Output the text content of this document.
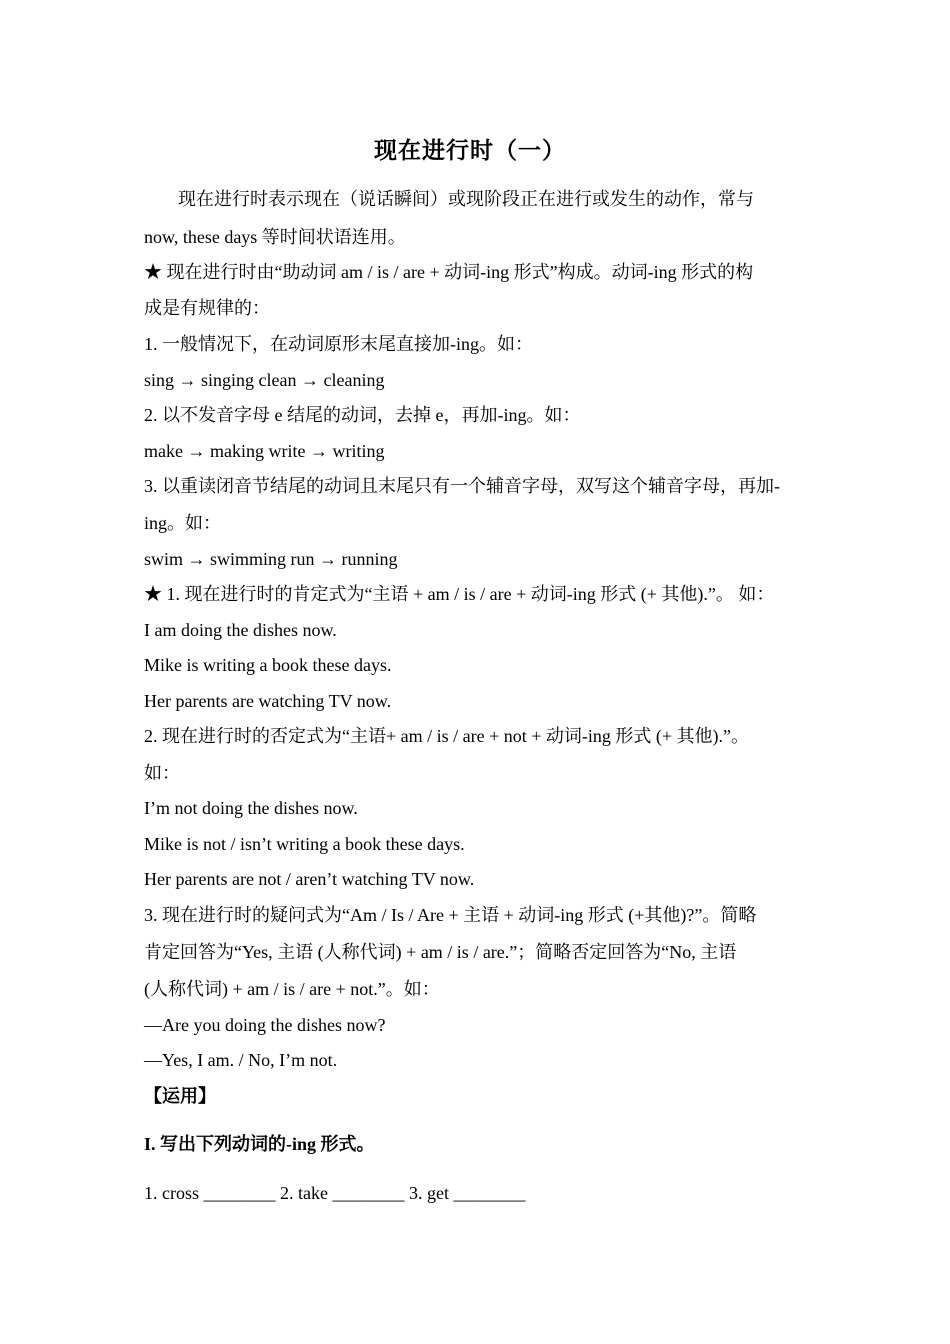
现在进行时（一）
现在进行时表示现在（说话瞬间）或现阶段正在进行或发生的动作，常与
now, these days 等时间状语连用。
★ 现在进行时由“助动词 am / is / are + 动词-ing 形式”构成。动词-ing 形式的构
成是有规律的：
1. 一般情况下，在动词原形末尾直接加-ing。如：
sing → singing clean → cleaning
2. 以不发音字母 e 结尾的动词，去掉 e，再加-ing。如：
make → making write → writing
3. 以重读闭音节结尾的动词且末尾只有一个辅音字母，双写这个辅音字母，再加-
ing。如：
swim → swimming run → running
★ 1. 现在进行时的肯定式为“主语 + am / is / are + 动词-ing 形式 (+ 其他).”。 如：
I am doing the dishes now.
Mike is writing a book these days.
Her parents are watching TV now.
2. 现在进行时的否定式为“主语+ am / is / are + not + 动词-ing 形式 (+ 其他).”。
如：
I’m not doing the dishes now.
Mike is not / isn’t writing a book these days.
Her parents are not / aren’t watching TV now.
3. 现在进行时的疑问式为“Am / Is / Are + 主语 + 动词-ing 形式 (+其他)?”。简略
肯定回答为“Yes, 主语 (人称代词) + am / is / are.”；简略否定回答为“No, 主语
(人称代词) + am / is / are + not.”。如：
—Are you doing the dishes now?
—Yes, I am. / No, I’m not.
【运用】
I. 写出下列动词的-ing 形式。
1. cross ________ 2. take ________ 3. get ________
